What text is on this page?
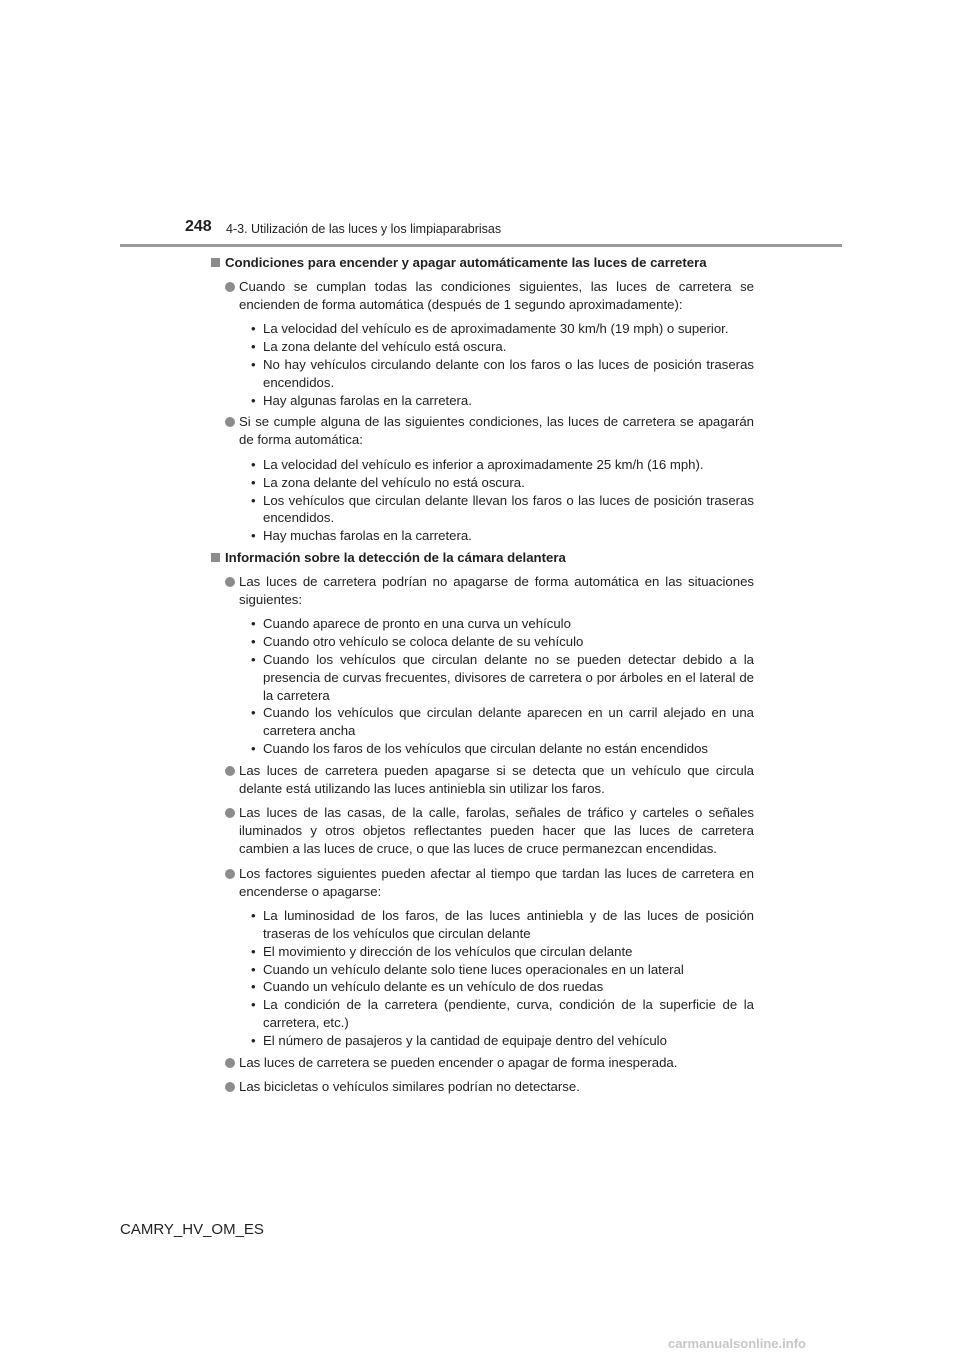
248 4-3. Utilización de las luces y los limpiaparabrisas
Condiciones para encender y apagar automáticamente las luces de carretera
Cuando se cumplan todas las condiciones siguientes, las luces de carretera se encienden de forma automática (después de 1 segundo aproximadamente):
• La velocidad del vehículo es de aproximadamente 30 km/h (19 mph) o superior.
• La zona delante del vehículo está oscura.
• No hay vehículos circulando delante con los faros o las luces de posición traseras encendidos.
• Hay algunas farolas en la carretera.
Si se cumple alguna de las siguientes condiciones, las luces de carretera se apagarán de forma automática:
• La velocidad del vehículo es inferior a aproximadamente 25 km/h (16 mph).
• La zona delante del vehículo no está oscura.
• Los vehículos que circulan delante llevan los faros o las luces de posición traseras encendidos.
• Hay muchas farolas en la carretera.
Información sobre la detección de la cámara delantera
Las luces de carretera podrían no apagarse de forma automática en las situaciones siguientes:
• Cuando aparece de pronto en una curva un vehículo
• Cuando otro vehículo se coloca delante de su vehículo
• Cuando los vehículos que circulan delante no se pueden detectar debido a la presencia de curvas frecuentes, divisores de carretera o por árboles en el lateral de la carretera
• Cuando los vehículos que circulan delante aparecen en un carril alejado en una carretera ancha
• Cuando los faros de los vehículos que circulan delante no están encendidos
Las luces de carretera pueden apagarse si se detecta que un vehículo que circula delante está utilizando las luces antiniebla sin utilizar los faros.
Las luces de las casas, de la calle, farolas, señales de tráfico y carteles o señales iluminados y otros objetos reflectantes pueden hacer que las luces de carretera cambien a las luces de cruce, o que las luces de cruce permanezcan encendidas.
Los factores siguientes pueden afectar al tiempo que tardan las luces de carretera en encenderse o apagarse:
• La luminosidad de los faros, de las luces antiniebla y de las luces de posición traseras de los vehículos que circulan delante
• El movimiento y dirección de los vehículos que circulan delante
• Cuando un vehículo delante solo tiene luces operacionales en un lateral
• Cuando un vehículo delante es un vehículo de dos ruedas
• La condición de la carretera (pendiente, curva, condición de la superficie de la carretera, etc.)
• El número de pasajeros y la cantidad de equipaje dentro del vehículo
Las luces de carretera se pueden encender o apagar de forma inesperada.
Las bicicletas o vehículos similares podrían no detectarse.
CAMRY_HV_OM_ES
carmanualsonline.info
